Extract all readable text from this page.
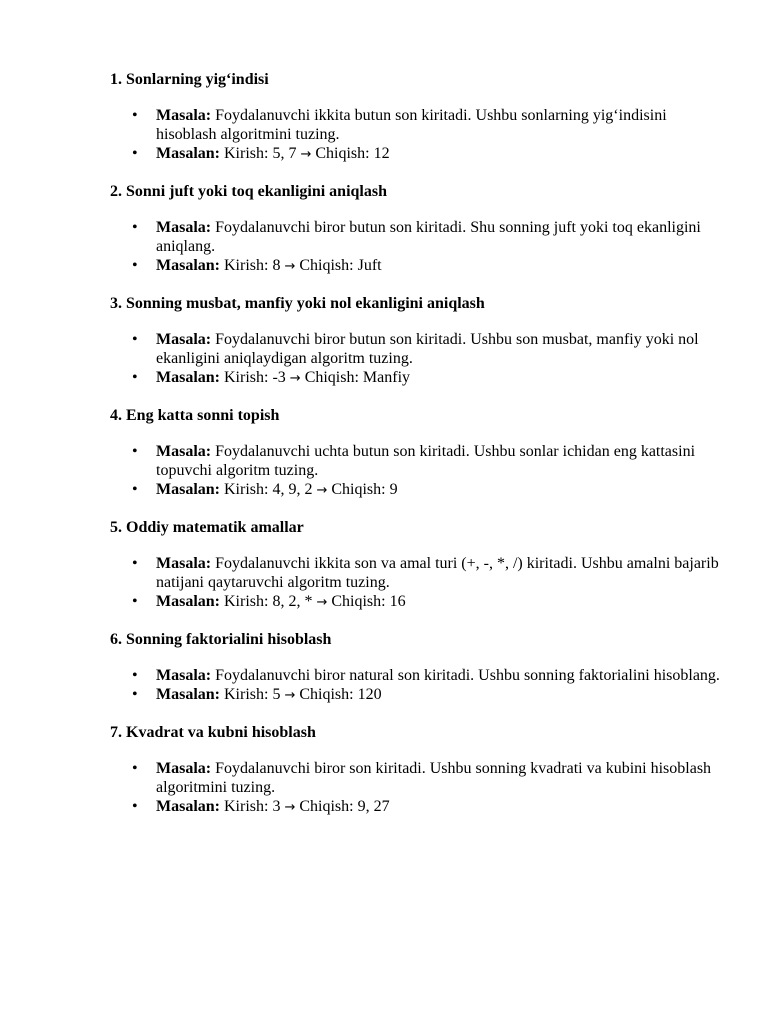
1. Sonlarning yig‘indisi
• Masala: Foydalanuvchi ikkita butun son kiritadi. Ushbu sonlarning yig‘indisini hisoblash algoritmini tuzing.
• Masalan: Kirish: 5, 7 → Chiqish: 12
2. Sonni juft yoki toq ekanligini aniqlash
• Masala: Foydalanuvchi biror butun son kiritadi. Shu sonning juft yoki toq ekanligini aniqlang.
• Masalan: Kirish: 8 → Chiqish: Juft
3. Sonning musbat, manfiy yoki nol ekanligini aniqlash
• Masala: Foydalanuvchi biror butun son kiritadi. Ushbu son musbat, manfiy yoki nol ekanligini aniqlaydigan algoritm tuzing.
• Masalan: Kirish: -3 → Chiqish: Manfiy
4. Eng katta sonni topish
• Masala: Foydalanuvchi uchta butun son kiritadi. Ushbu sonlar ichidan eng kattasini topuvchi algoritm tuzing.
• Masalan: Kirish: 4, 9, 2 → Chiqish: 9
5. Oddiy matematik amallar
• Masala: Foydalanuvchi ikkita son va amal turi (+, -, *, /) kiritadi. Ushbu amalni bajarib natijani qaytaruvchi algoritm tuzing.
• Masalan: Kirish: 8, 2, * → Chiqish: 16
6. Sonning faktorialini hisoblash
• Masala: Foydalanuvchi biror natural son kiritadi. Ushbu sonning faktorialini hisoblang.
• Masalan: Kirish: 5 → Chiqish: 120
7. Kvadrat va kubni hisoblash
• Masala: Foydalanuvchi biror son kiritadi. Ushbu sonning kvadrati va kubini hisoblash algoritmini tuzing.
• Masalan: Kirish: 3 → Chiqish: 9, 27
